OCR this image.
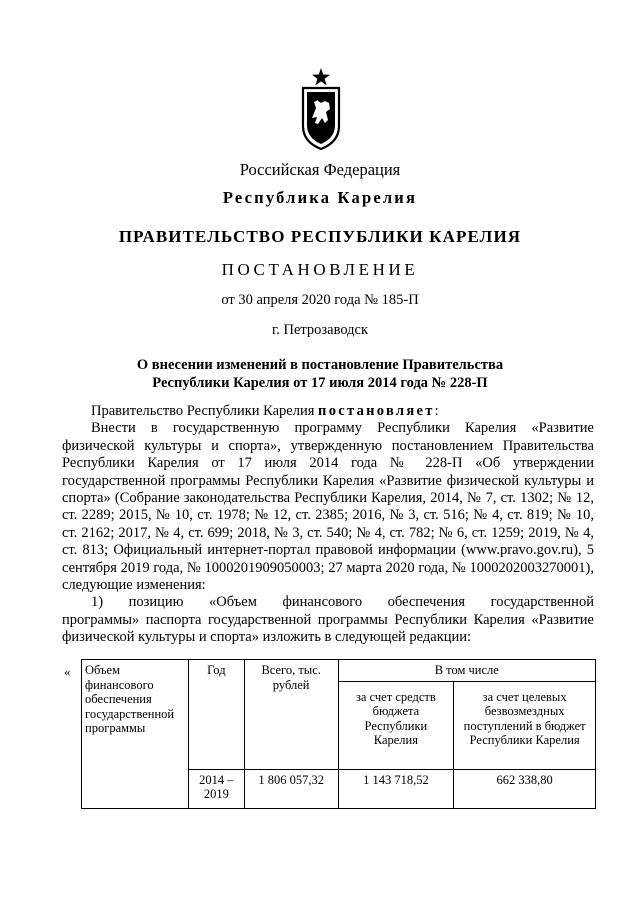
Российская Федерация
Республика Карелия
ПРАВИТЕЛЬСТВО РЕСПУБЛИКИ КАРЕЛИЯ
ПОСТАНОВЛЕНИЕ
от 30 апреля 2020 года № 185-П
г. Петрозаводск
О внесении изменений в постановление Правительства
Республики Карелия от 17 июля 2014 года № 228-П

Правительство Республики Карелия постановляет:

Внести в государственную программу Республики Карелия «Развитие физической культуры и спорта», утвержденную постановлением Правительства Республики Карелия от 17 июля 2014 года № 228-П «Об утверждении государственной программы Республики Карелия «Развитие физической культуры и спорта» (Собрание законодательства Республики Карелия, 2014, № 7, ст. 1302; № 12, ст. 2289; 2015, № 10, ст. 1978; № 12, ст. 2385; 2016, № 3, ст. 516; № 4, ст. 819; № 10, ст. 2162; 2017, № 4, ст. 699; 2018, № 3, ст. 540; № 4, ст. 782; № 6, ст. 1259; 2019, № 4, ст. 813; Официальный интернет-портал правовой информации (www.pravo.gov.ru), 5 сентября 2019 года, № 1000201909050003; 27 марта 2020 года, № 1000202003270001), следующие изменения:

1) позицию «Объем финансового обеспечения государственной

программы» паспорта государственной программы Республики Карелия «Развитие физической культуры и спорта» изложить в следующей редакции:

« Объем финансового обеспечения государственной программы	Год	Всего, тыс. рублей	В том числе	
			за счет средств бюджета Республики Карелия	за счет целевых безвозмездных поступлений в бюджет Республики Карелия
	2014 – 2019	1 806 057,32	1 143 718,52	662 338,80
